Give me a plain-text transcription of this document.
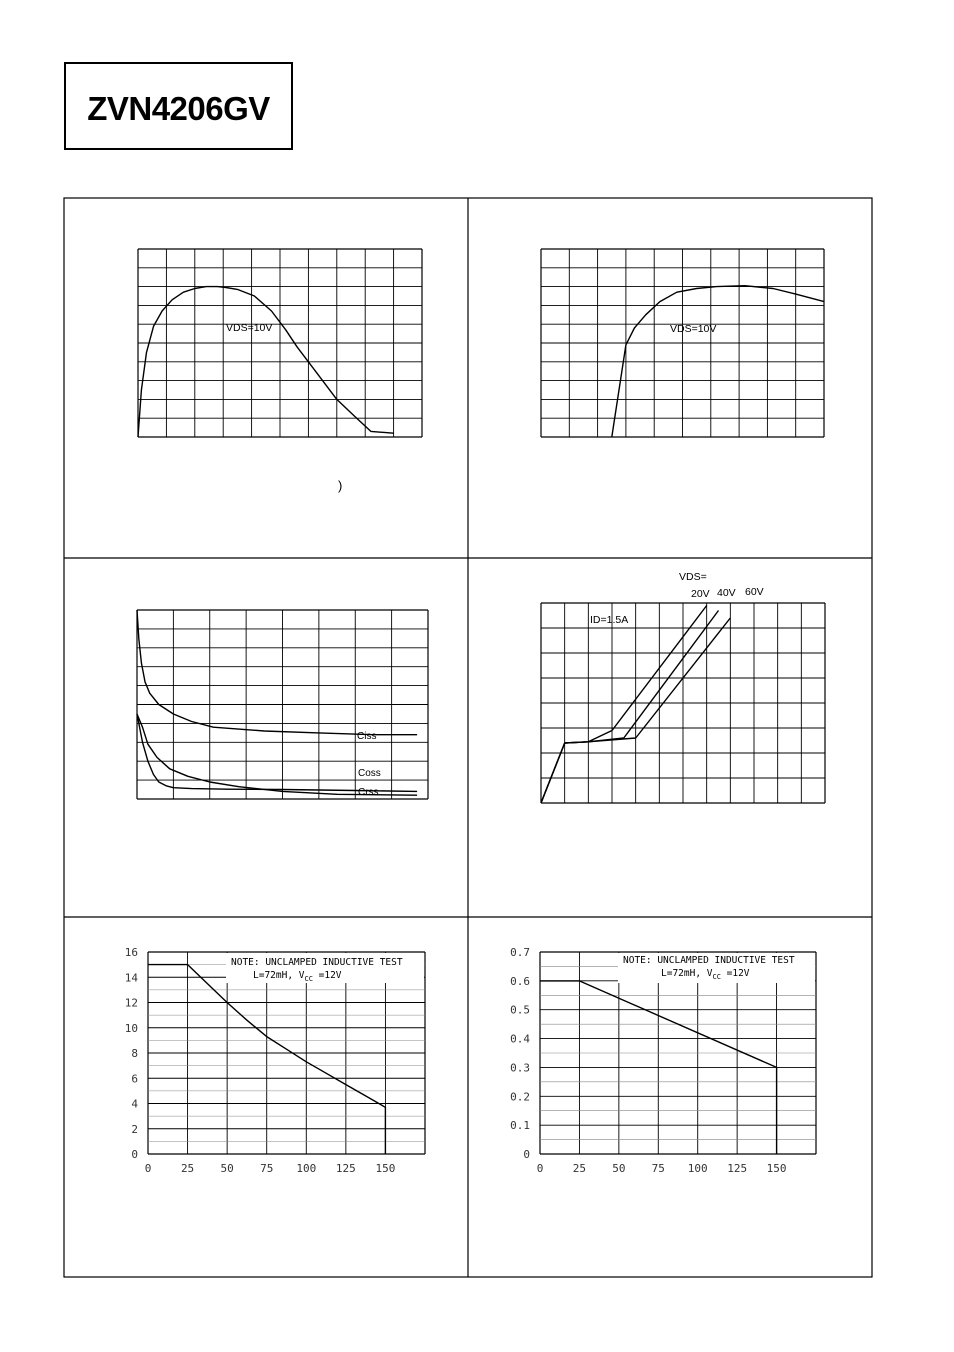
ZVN4206GV
VDS=10V
)
VDS=10V
Ciss
Coss
Crss
VDS=
20V 40V 60V
ID=1.5A
0	25 50 75 100 125 150
0
2
4
6
8
10
12
14
16
0	25 50 75 100 125 150
0
0.1
0.2
0.3
0.4
0.5
0.6
0.7
NOTE: UNCLAMPED INDUCTIVE TEST
L=72mH, $V_{CC} =12V$
NOTE: UNCLAMPED INDUCTIVE TEST
L=72mH, $V_{CC} =12V$
